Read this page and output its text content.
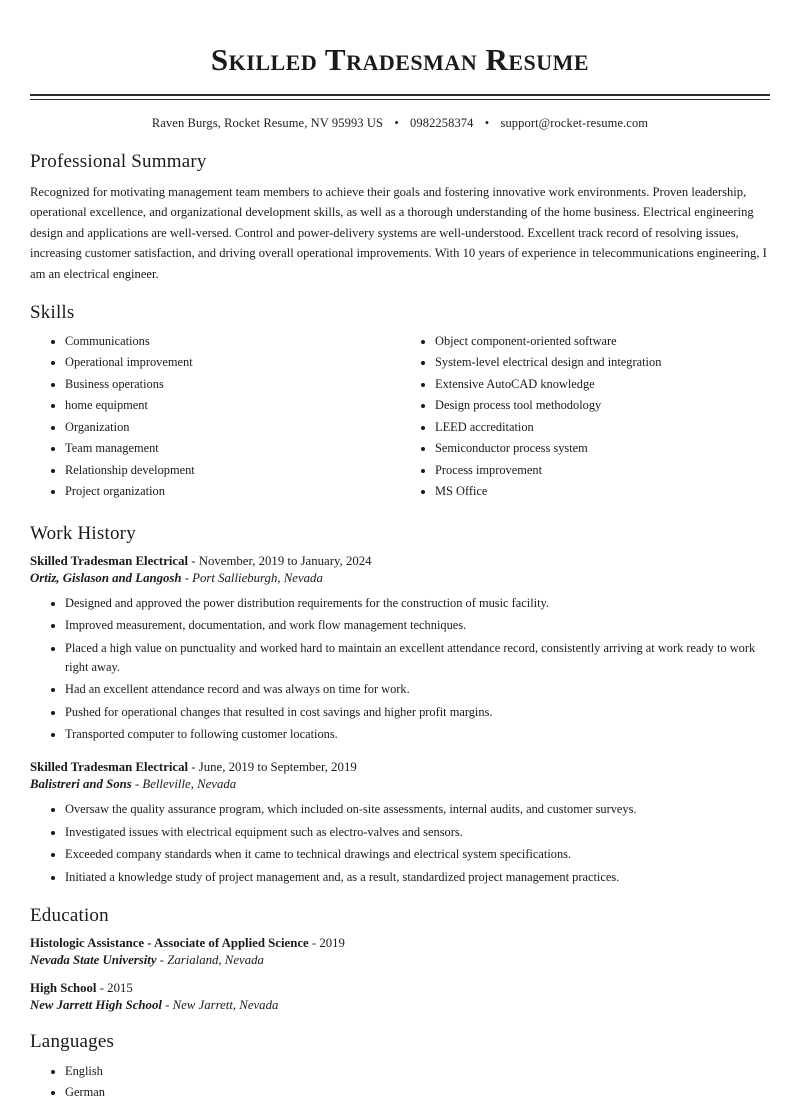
Skilled Tradesman Resume
Raven Burgs, Rocket Resume, NV 95993 US • 0982258374 • support@rocket-resume.com
Professional Summary

Recognized for motivating management team members to achieve their goals and fostering innovative work environments. Proven leadership, operational excellence, and organizational development skills, as well as a thorough understanding of the home business. Electrical engineering design and applications are well-versed. Control and power-delivery systems are well-understood. Excellent track record of resolving issues, increasing customer satisfaction, and driving overall operational improvements. With 10 years of experience in telecommunications engineering, I am an electrical engineer.

Skills
• Communications
• Operational improvement
• Business operations
• home equipment
• Organization
• Team management
• Relationship development
• Project organization
• Object component-oriented software
• System-level electrical design and integration
• Extensive AutoCAD knowledge
• Design process tool methodology
• LEED accreditation
• Semiconductor process system
• Process improvement
• MS Office
Work History
Skilled Tradesman Electrical - November, 2019 to January, 2024
Ortiz, Gislason and Langosh - Port Sallieburgh, Nevada
• Designed and approved the power distribution requirements for the construction of music facility.
• Improved measurement, documentation, and work flow management techniques.
• Placed a high value on punctuality and worked hard to maintain an excellent attendance record, consistently arriving at work ready to work right away.
• Had an excellent attendance record and was always on time for work.
• Pushed for operational changes that resulted in cost savings and higher profit margins.
• Transported computer to following customer locations.
Skilled Tradesman Electrical - June, 2019 to September, 2019
Balistreri and Sons - Belleville, Nevada
• Oversaw the quality assurance program, which included on-site assessments, internal audits, and customer surveys.
• Investigated issues with electrical equipment such as electro-valves and sensors.
• Exceeded company standards when it came to technical drawings and electrical system specifications.
• Initiated a knowledge study of project management and, as a result, standardized project management practices.
Education
Histologic Assistance - Associate of Applied Science - 2019
Nevada State University - Zarialand, Nevada
High School - 2015
New Jarrett High School - New Jarrett, Nevada
Languages
• English
• German
